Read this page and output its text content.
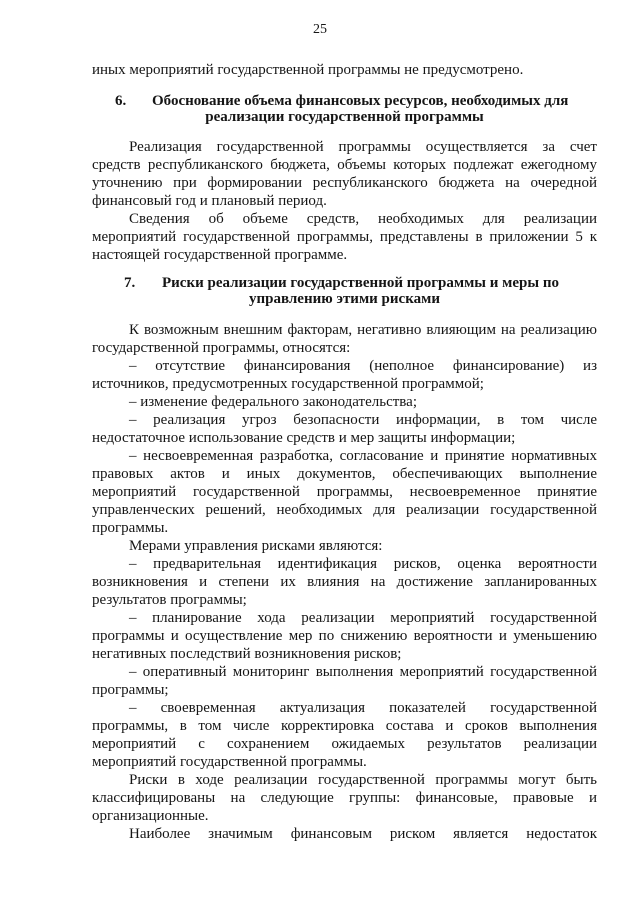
25
иных мероприятий государственной программы не предусмотрено.
6.	Обоснование объема финансовых ресурсов, необходимых для
реализации государственной программы
Реализация государственной программы осуществляется за счет
средств республиканского бюджета, объемы которых подлежат ежегодному
уточнению при формировании республиканского бюджета на очередной
финансовый год и плановый период.
Сведения об объеме средств, необходимых для реализации
мероприятий государственной программы, представлены в приложении 5 к
настоящей государственной программе.
7.	Риски реализации государственной программы и меры по
управлению этими рисками
К возможным внешним факторам, негативно влияющим на реализацию
государственной программы, относятся:
– отсутствие финансирования (неполное финансирование) из
источников, предусмотренных государственной программой;
– изменение федерального законодательства;
– реализация угроз безопасности информации, в том числе
недостаточное использование средств и мер защиты информации;
– несвоевременная разработка, согласование и принятие нормативных
правовых актов и иных документов, обеспечивающих выполнение
мероприятий государственной программы, несвоевременное принятие
управленческих решений, необходимых для реализации государственной
программы.
Мерами управления рисками являются:
– предварительная идентификация рисков, оценка вероятности
возникновения и степени их влияния на достижение запланированных
результатов программы;
– планирование хода реализации мероприятий государственной
программы и осуществление мер по снижению вероятности и уменьшению
негативных последствий возникновения рисков;
– оперативный мониторинг выполнения мероприятий государственной
программы;
– своевременная актуализация показателей государственной
программы, в том числе корректировка состава и сроков выполнения
мероприятий с сохранением ожидаемых результатов реализации
мероприятий государственной программы.
Риски в ходе реализации государственной программы могут быть
классифицированы на следующие группы: финансовые, правовые и
организационные.
Наиболее значимым финансовым риском является недостаток
